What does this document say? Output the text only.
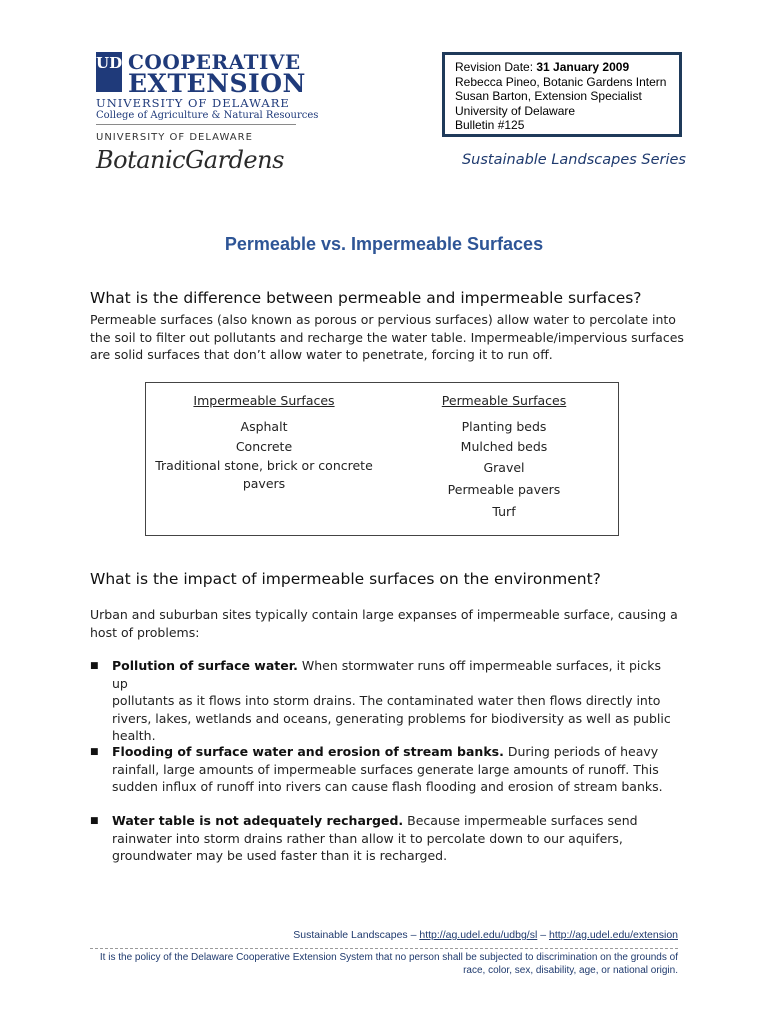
UD COOPERATIVE
EXTENSION
UNIVERSITY OF DELAWARE
College of Agriculture & Natural Resources
UNIVERSITY OF DELAWARE
BotanicGardens
Revision Date: 31 January 2009
Rebecca Pineo, Botanic Gardens Intern
Susan Barton, Extension Specialist
University of Delaware
Bulletin #125
Sustainable Landscapes Series
Permeable vs. Impermeable Surfaces
What is the difference between permeable and impermeable surfaces?
Permeable surfaces (also known as porous or pervious surfaces) allow water to percolate into
the soil to filter out pollutants and recharge the water table. Impermeable/impervious surfaces
are solid surfaces that don’t allow water to penetrate, forcing it to run off.
Impermeable Surfaces
Asphalt
Concrete
Traditional stone, brick or concrete pavers
Permeable Surfaces
Planting beds
Mulched beds
Gravel
Permeable pavers
Turf
What is the impact of impermeable surfaces on the environment?
Urban and suburban sites typically contain large expanses of impermeable surface, causing a
host of problems:
■ Pollution of surface water. When stormwater runs off impermeable surfaces, it picks up
pollutants as it flows into storm drains. The contaminated water then flows directly into
rivers, lakes, wetlands and oceans, generating problems for biodiversity as well as public
health.
■ Flooding of surface water and erosion of stream banks. During periods of heavy
rainfall, large amounts of impermeable surfaces generate large amounts of runoff. This
sudden influx of runoff into rivers can cause flash flooding and erosion of stream banks.
■ Water table is not adequately recharged. Because impermeable surfaces send
rainwater into storm drains rather than allow it to percolate down to our aquifers,
groundwater may be used faster than it is recharged.
Sustainable Landscapes – http://ag.udel.edu/udbg/sl – http://ag.udel.edu/extension
It is the policy of the Delaware Cooperative Extension System that no person shall be subjected to discrimination on the grounds of
race, color, sex, disability, age, or national origin.
